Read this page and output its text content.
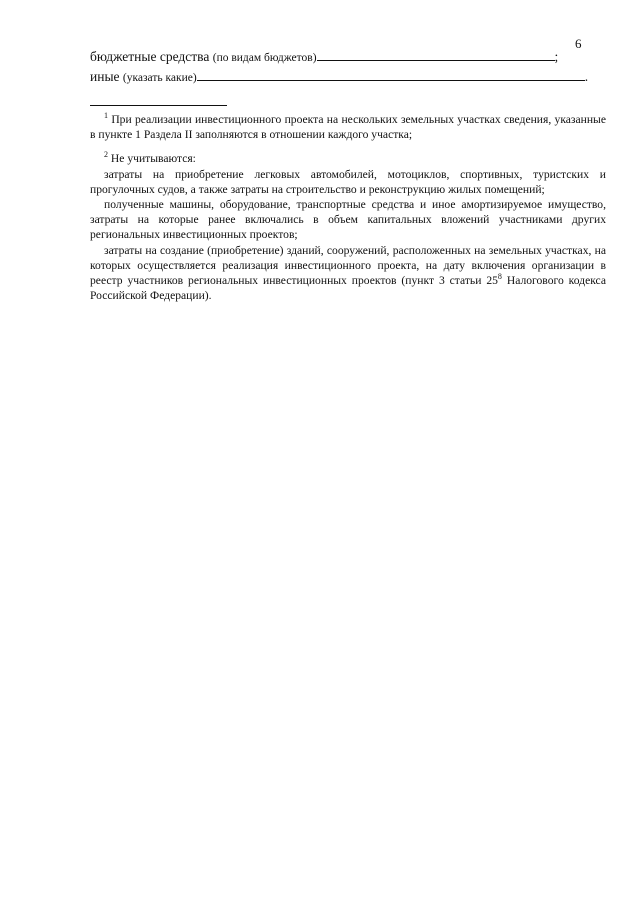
6
бюджетные средства (по видам бюджетов)	;
иные (указать какие)	.

$^1$ При реализации инвестиционного проекта на нескольких земельных участках сведения, указанные в пункте 1 Раздела II заполняются в отношении каждого участка;

$^2$ Не учитываются:

затраты на приобретение легковых автомобилей, мотоциклов, спортивных, туристских и прогулочных судов, а также затраты на строительство и реконструкцию жилых помещений;

полученные машины, оборудование, транспортные средства и иное амортизируемое имущество, затраты на которые ранее включались в объем капитальных вложений участниками других региональных инвестиционных проектов;

затраты на создание (приобретение) зданий, сооружений, расположенных на земельных участках, на которых осуществляется реализация инвестиционного проекта, на дату включения организации в реестр участников региональных инвестиционных проектов (пункт 3 статьи $25^8$ Налогового кодекса Российской Федерации).
